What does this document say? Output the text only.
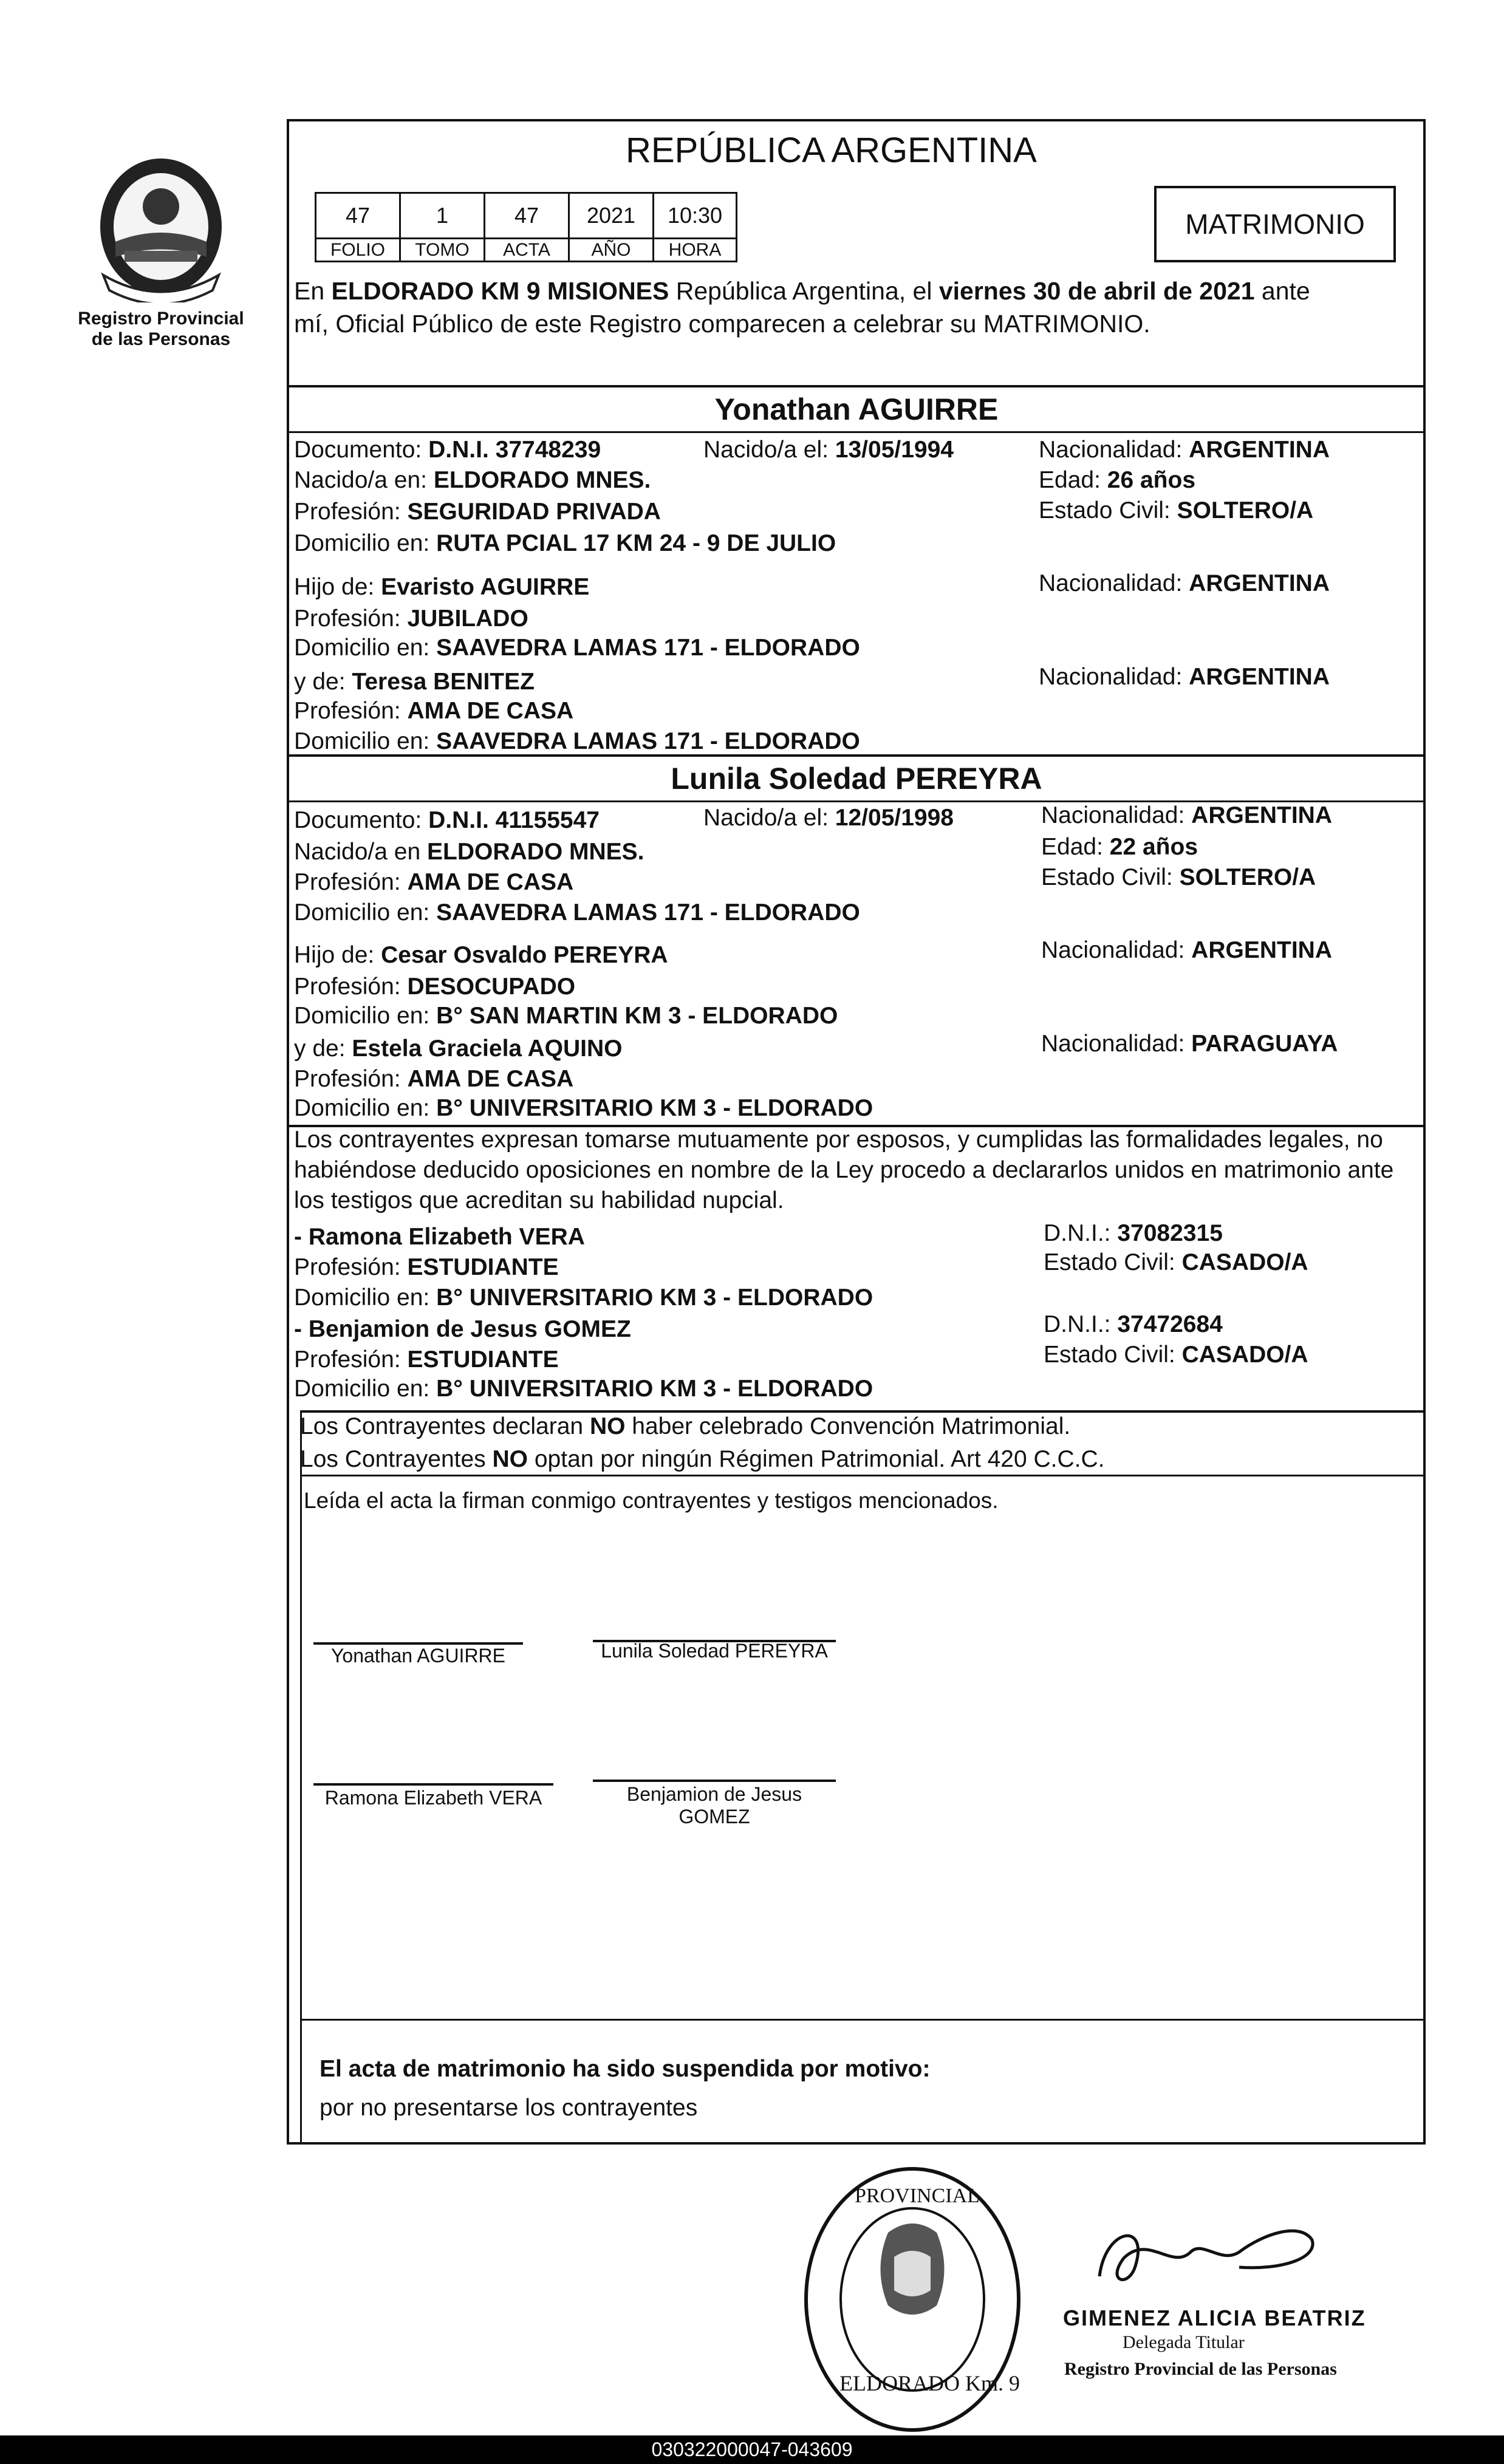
Registro Provincial
de las Personas
REPÚBLICA ARGENTINA
47	1	47	2021	10:30
FOLIO	TOMO	ACTA	AÑO	HORA
MATRIMONIO
En ELDORADO KM 9 MISIONES República Argentina, el viernes 30 de abril de 2021 ante
mí, Oficial Público de este Registro comparecen a celebrar su MATRIMONIO.
Yonathan AGUIRRE
Documento: D.N.I. 37748239	Nacido/a el: 13/05/1994	Nacionalidad: ARGENTINA
Nacido/a en: ELDORADO MNES.	Edad: 26 años
Profesión: SEGURIDAD PRIVADA	Estado Civil: SOLTERO/A
Domicilio en: RUTA PCIAL 17 KM 24 - 9 DE JULIO
Hijo de: Evaristo AGUIRRE	Nacionalidad: ARGENTINA
Profesión: JUBILADO
Domicilio en: SAAVEDRA LAMAS 171 - ELDORADO
y de: Teresa BENITEZ	Nacionalidad: ARGENTINA
Profesión: AMA DE CASA
Domicilio en: SAAVEDRA LAMAS 171 - ELDORADO
Lunila Soledad PEREYRA
Documento: D.N.I. 41155547	Nacido/a el: 12/05/1998	Nacionalidad: ARGENTINA
Nacido/a en ELDORADO MNES.	Edad: 22 años
Profesión: AMA DE CASA	Estado Civil: SOLTERO/A
Domicilio en: SAAVEDRA LAMAS 171 - ELDORADO
Hijo de: Cesar Osvaldo PEREYRA	Nacionalidad: ARGENTINA
Profesión: DESOCUPADO
Domicilio en: B° SAN MARTIN KM 3 - ELDORADO
y de: Estela Graciela AQUINO	Nacionalidad: PARAGUAYA
Profesión: AMA DE CASA
Domicilio en: B° UNIVERSITARIO KM 3 - ELDORADO
Los contrayentes expresan tomarse mutuamente por esposos, y cumplidas las formalidades legales, no
habiéndose deducido oposiciones en nombre de la Ley procedo a declararlos unidos en matrimonio ante
los testigos que acreditan su habilidad nupcial.
- Ramona Elizabeth VERA	D.N.I.: 37082315
Profesión: ESTUDIANTE	Estado Civil: CASADO/A
Domicilio en: B° UNIVERSITARIO KM 3 - ELDORADO
- Benjamion de Jesus GOMEZ	D.N.I.: 37472684
Profesión: ESTUDIANTE	Estado Civil: CASADO/A
Domicilio en: B° UNIVERSITARIO KM 3 - ELDORADO
Los Contrayentes declaran NO haber celebrado Convención Matrimonial.
Los Contrayentes NO optan por ningún Régimen Patrimonial. Art 420 C.C.C.
Leída el acta la firman conmigo contrayentes y testigos mencionados.
Yonathan AGUIRRE	Lunila Soledad PEREYRA
Ramona Elizabeth VERA	Benjamion de Jesus
GOMEZ
El acta de matrimonio ha sido suspendida por motivo:
por no presentarse los contrayentes
ELDORADO Km. 9
PROVINCIAL
GIMENEZ ALICIA BEATRIZ
Delegada Titular
Registro Provincial de las Personas
030322000047-043609
